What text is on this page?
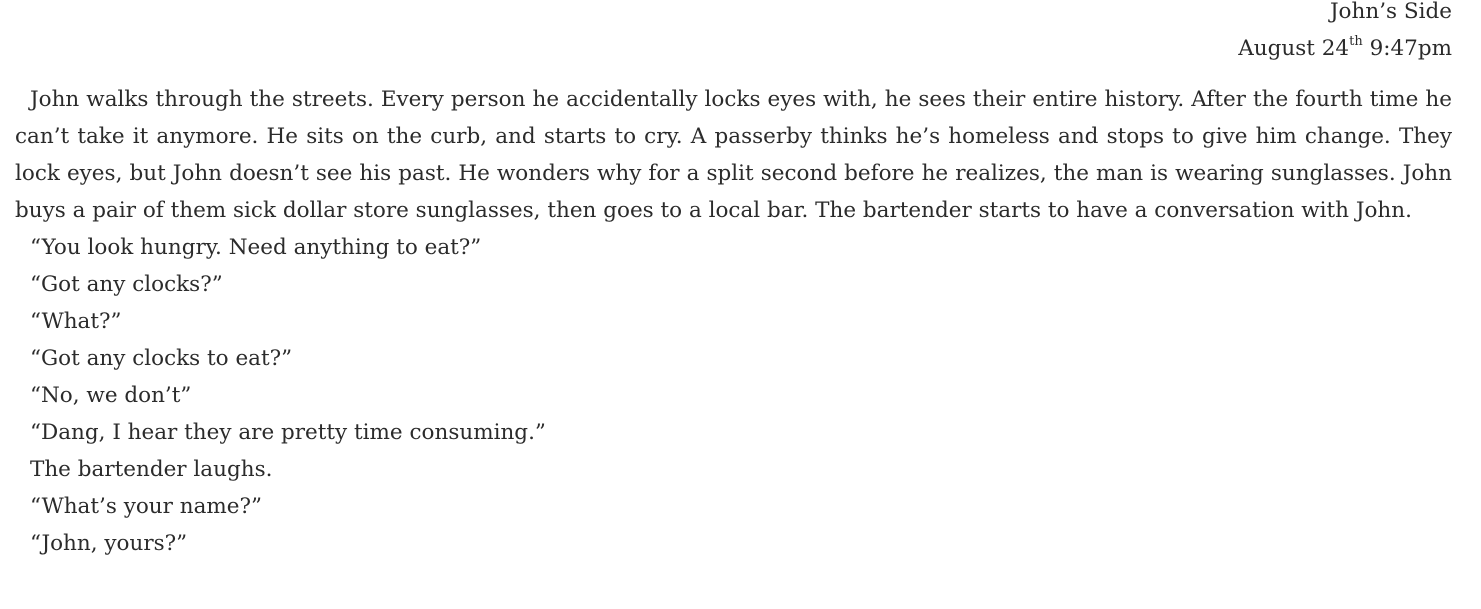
John’s Side
August 24th 9:47pm

John walks through the streets. Every person he accidentally locks eyes with, he sees their entire history. After the fourth time he can’t take it anymore. He sits on the curb, and starts to cry. A passerby thinks he’s homeless and stops to give him change. They lock eyes, but John doesn’t see his past. He wonders why for a split second before he realizes, the man is wearing sunglasses. John buys a pair of them sick dollar store sunglasses, then goes to a local bar. The bartender starts to have a conversation with John.

“You look hungry. Need anything to eat?”

“Got any clocks?”

“What?”

“Got any clocks to eat?”

“No, we don’t”

“Dang, I hear they are pretty time consuming.”

The bartender laughs.

“What’s your name?”

“John, yours?”
